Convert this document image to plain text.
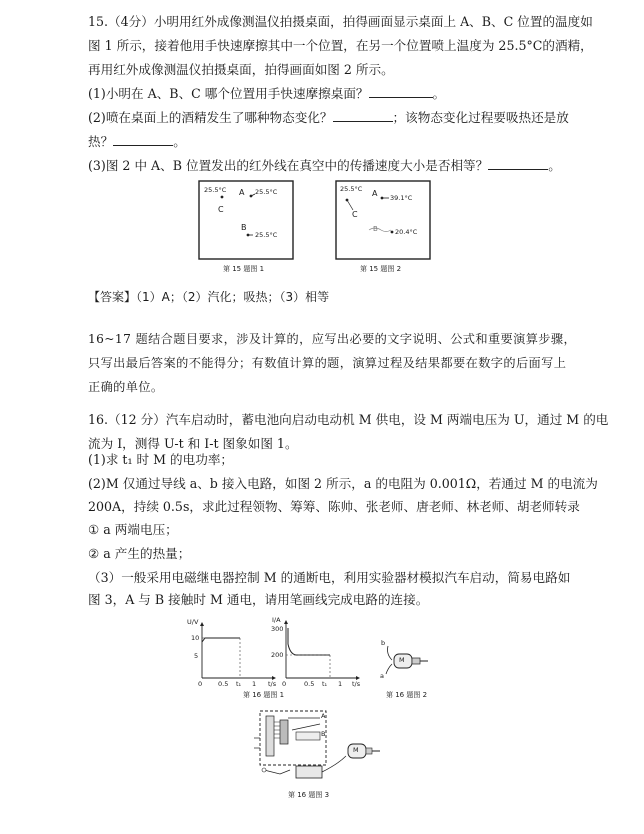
15.（4分）小明用红外成像测温仪拍摄桌面，拍得画面显示桌面上 A、B、C 位置的温度如
图 1 所示，接着他用手快速摩擦其中一个位置，在另一个位置喷上温度为 25.5°C的酒精，
再用红外成像测温仪拍摄桌面，拍得画面如图 2 所示。
(1)小明在 A、B、C 哪个位置用手快速摩擦桌面？	。
(2)喷在桌面上的酒精发生了哪种物态变化？	；该物态变化过程要吸热还是放
热？	。
(3)图 2 中 A、B 位置发出的红外线在真空中的传播速度大小是否相等？	。
25.5°C A 25.5°C
C
B
25.5°C
第 15 题图 1
25.5°C A 39.1°C
C
B	20.4°C
第 15 题图 2
【答案】（1）A；（2）汽化；吸热；（3）相等
16~17 题结合题目要求，涉及计算的，应写出必要的文字说明、公式和重要演算步骤，
只写出最后答案的不能得分；有数值计算的题，演算过程及结果都要在数字的后面写上
正确的单位。
16.（12 分）汽车启动时，蓄电池向启动电动机 M 供电，设 M 两端电压为 U，通过 M 的电
流为 I，测得 U-t 和 I-t 图象如图 1。
(1)求 t₁ 时 M 的电功率；
(2)M 仅通过导线 a、b 接入电路，如图 2 所示，a 的电阻为 0.001Ω，若通过 M 的电流为
200A，持续 0.5s，求此过程领物、筹筹、陈帅、张老师、唐老师、林老师、胡老师转录
① a 两端电压；
② a 产生的热量；
（3）一般采用电磁继电器控制 M 的通断电，利用实验器材模拟汽车启动，简易电路如
图 3，A 与 B 接触时 M 通电，请用笔画线完成电路的连接。
U/V
10
5
0 0.5 t₁ 1 t/s
I/A
300
200
0	0.5 t₁ 1 t/s
第 16 题图 1
b
M
a
第 16 题图 2
A
B
M
第 16 题图 3
